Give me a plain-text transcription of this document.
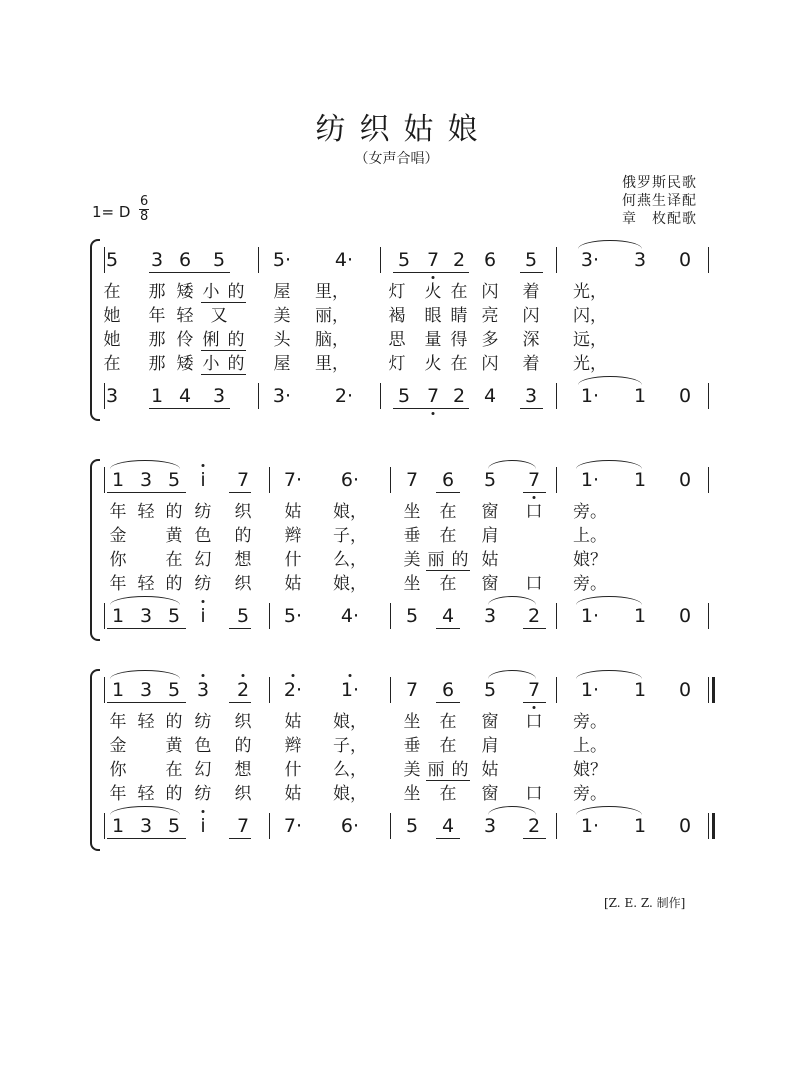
纺织姑娘
（女声合唱）
俄罗斯民歌
何燕生译配
章　枚配歌
1= D $\frac{6}{8}$
5 3 6 5	5· 4· 5 7 2 6 5 3· 3 0
3 1 4 3	3· 2· 5 7 2 4 3 1· 1 0
在 那 矮 小 的 屋 里， 灯 火 在 闪 着 光，
她 年 轻 又	美 丽， 褐 眼 睛 亮 闪 闪，
她 那 伶 俐 的 头 脑， 思 量 得 多 深 远，
在 那 矮 小 的 屋 里， 灯 火 在 闪 着 光，
1 3 5 i 7 7· 6· 7 6 5 7 1· 1 0
1 3 5 i 5 5· 4· 5 4 3 2 1· 1 0
年 轻 的 纺 织 姑 娘， 坐 在 窗 口 旁。
金 黄 色 的 辫 子， 垂 在 肩	上。
你 在 幻 想 什 么， 美 丽 的 姑	娘？
年 轻 的 纺 织 姑 娘， 坐 在 窗 口 旁。
1 3 5 3 2 2· 1· 7 6 5 7 1· 1 0
1 3 5 i 7 7· 6· 5 4 3 2 1· 1 0
年 轻 的 纺 织 姑 娘， 坐 在 窗 口 旁。
金 黄 色 的 辫 子， 垂 在 肩	上。
你 在 幻 想 什 么， 美 丽 的 姑	娘？
年 轻 的 纺 织 姑 娘， 坐 在 窗 口 旁。
[Z. E. Z. 制作]
